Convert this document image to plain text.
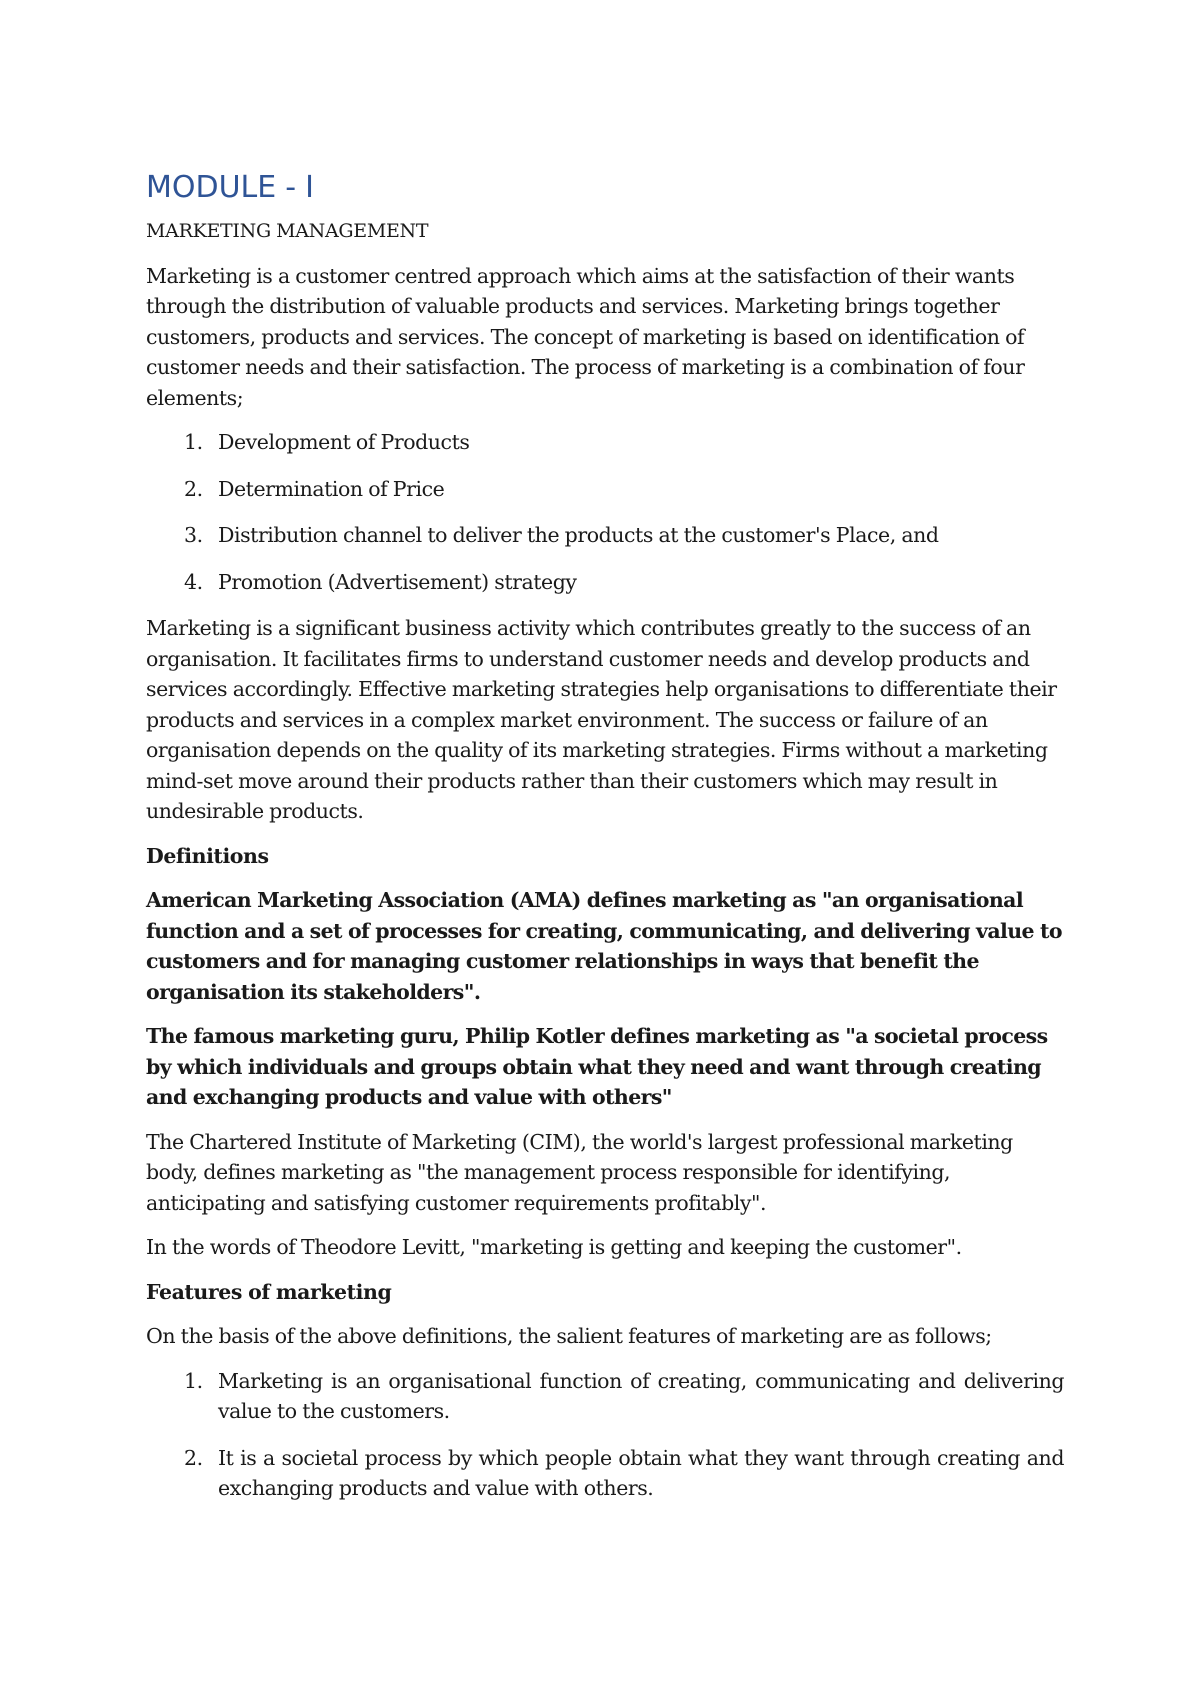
MODULE - I
MARKETING MANAGEMENT

Marketing is a customer centred approach which aims at the satisfaction of their wants through the distribution of valuable products and services. Marketing brings together customers, products and services. The concept of marketing is based on identification of customer needs and their satisfaction. The process of marketing is a combination of four elements;

1. Development of Products
2. Determination of Price
3. Distribution channel to deliver the products at the customer's Place, and
4. Promotion (Advertisement) strategy

Marketing is a significant business activity which contributes greatly to the success of an organisation. It facilitates firms to understand customer needs and develop products and services accordingly. Effective marketing strategies help organisations to differentiate their products and services in a complex market environment. The success or failure of an organisation depends on the quality of its marketing strategies. Firms without a marketing mind-set move around their products rather than their customers which may result in undesirable products.

Definitions

American Marketing Association (AMA) defines marketing as "an organisational function and a set of processes for creating, communicating, and delivering value to customers and for managing customer relationships in ways that benefit the organisation its stakeholders".

The famous marketing guru, Philip Kotler defines marketing as "a societal process by which individuals and groups obtain what they need and want through creating and exchanging products and value with others"

The Chartered Institute of Marketing (CIM), the world's largest professional marketing body, defines marketing as "the management process responsible for identifying, anticipating and satisfying customer requirements profitably".

In the words of Theodore Levitt, "marketing is getting and keeping the customer".

Features of marketing

On the basis of the above definitions, the salient features of marketing are as follows;

1. Marketing is an organisational function of creating, communicating and delivering value to the customers.
2. It is a societal process by which people obtain what they want through creating and exchanging products and value with others.
